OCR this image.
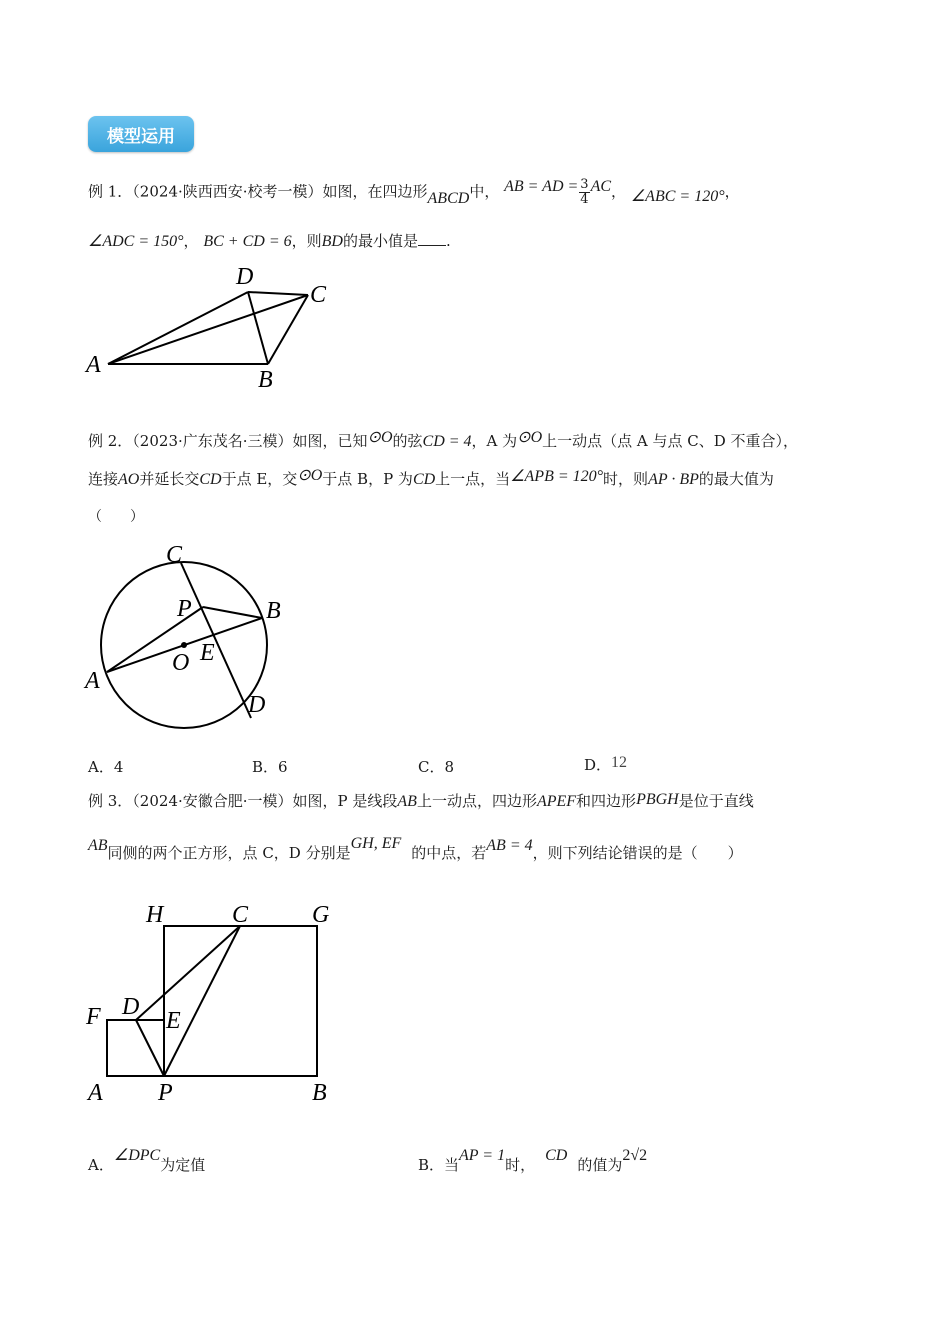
模型运用
例 1．（2024·陕西西安·校考一模）如图，在四边形ABCD中， AB = AD = $\frac{3}{4}$ AC， ∠ABC = 120°，
∠ADC = 150°， BC + CD = 6，则BD的最小值是 .
A
B
C
D
例 2．（2023·广东茂名·三模）如图，已知⊙O的弦CD = 4，A 为⊙O上一动点（点 A 与点 C、D 不重合），
连接AO并延长交CD于点 E，交⊙O于点 B，P 为CD上一点，当∠APB = 120°时，则AP · BP的最大值为
（　　）
C
P	B
O E
A
D
A．4	B．6	C．8	D．12
例 3．（2024·安徽合肥·一模）如图，P 是线段AB上一动点，四边形APEF和四边形PBGH是位于直线
AB同侧的两个正方形，点 C，D 分别是GH, EF的中点，若AB = 4，则下列结论错误的是（　　）
H	C	G
F D
E
A P	B
A．∠DPC为定值	B．当AP = 1时，CD的值为2√2
